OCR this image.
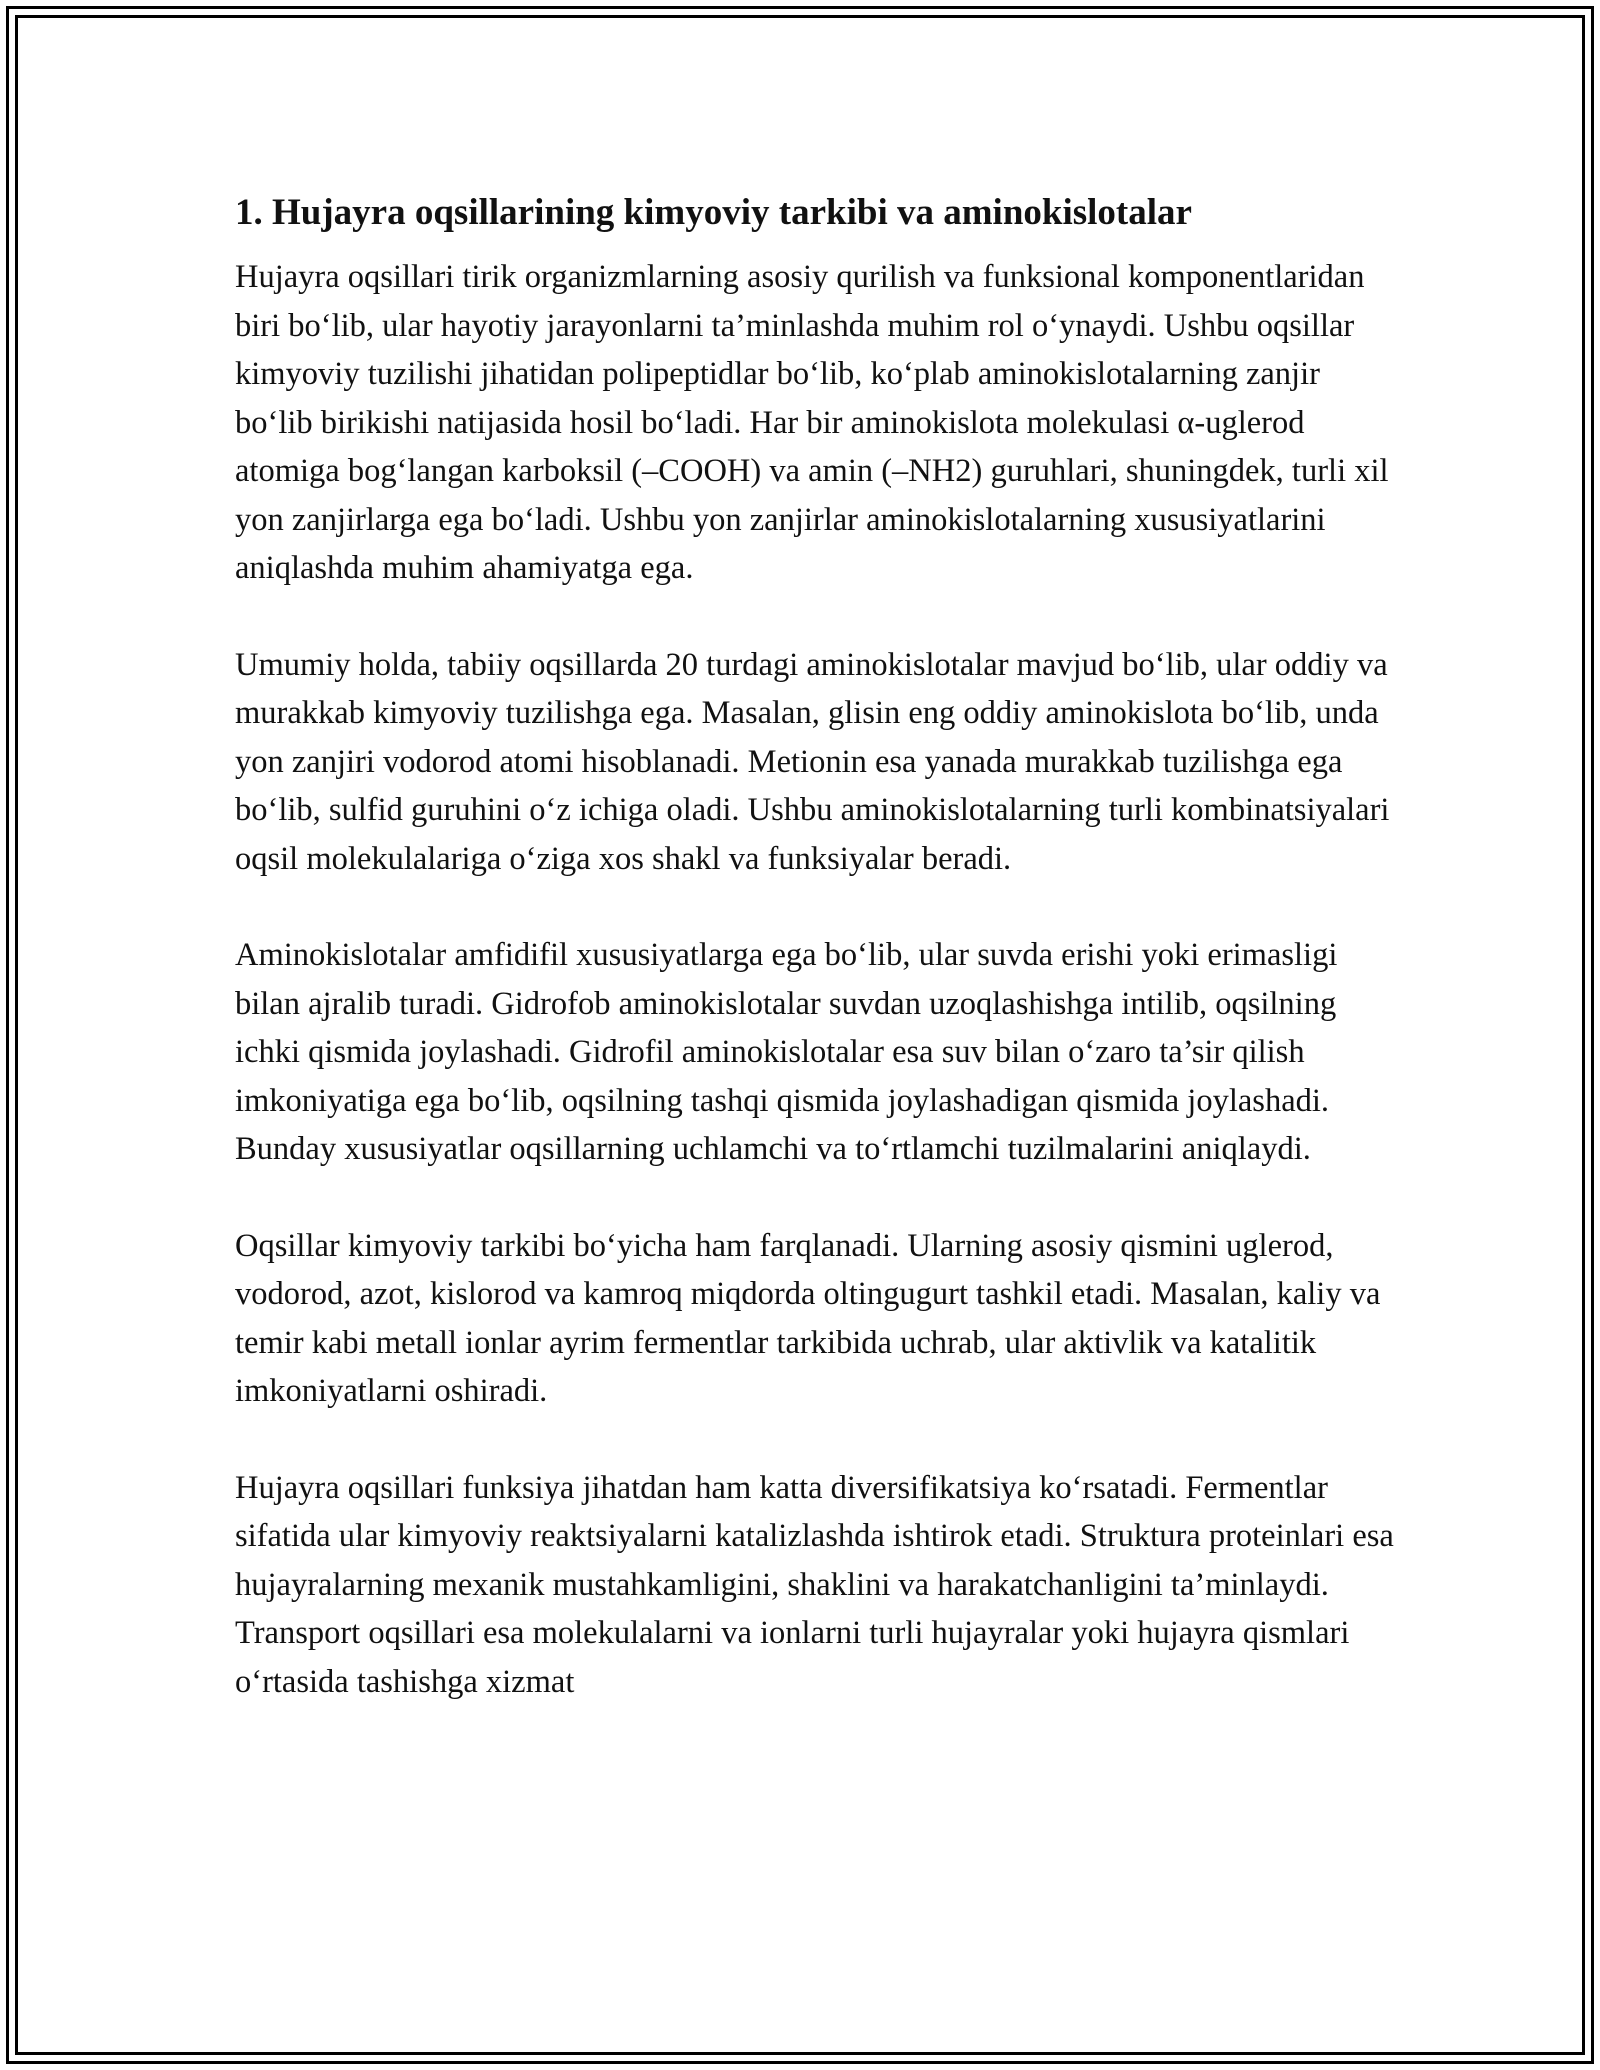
1. Hujayra oqsillarining kimyoviy tarkibi va aminokislotalar

Hujayra oqsillari tirik organizmlarning asosiy qurilish va funksional komponentlaridan biri bo‘lib, ular hayotiy jarayonlarni ta’minlashda muhim rol o‘ynaydi. Ushbu oqsillar kimyoviy tuzilishi jihatidan polipeptidlar bo‘lib, ko‘plab aminokislotalarning zanjir bo‘lib birikishi natijasida hosil bo‘ladi. Har bir aminokislota molekulasi α-uglerod atomiga bog‘langan karboksil (–COOH) va amin (–NH2) guruhlari, shuningdek, turli xil yon zanjirlarga ega bo‘ladi. Ushbu yon zanjirlar aminokislotalarning xususiyatlarini aniqlashda muhim ahamiyatga ega.

Umumiy holda, tabiiy oqsillarda 20 turdagi aminokislotalar mavjud bo‘lib, ular oddiy va murakkab kimyoviy tuzilishga ega. Masalan, glisin eng oddiy aminokislota bo‘lib, unda yon zanjiri vodorod atomi hisoblanadi. Metionin esa yanada murakkab tuzilishga ega bo‘lib, sulfid guruhini o‘z ichiga oladi. Ushbu aminokislotalarning turli kombinatsiyalari oqsil molekulalariga o‘ziga xos shakl va funksiyalar beradi.

Aminokislotalar amfidifil xususiyatlarga ega bo‘lib, ular suvda erishi yoki erimasligi bilan ajralib turadi. Gidrofob aminokislotalar suvdan uzoqlashishga intilib, oqsilning ichki qismida joylashadi. Gidrofil aminokislotalar esa suv bilan o‘zaro ta’sir qilish imkoniyatiga ega bo‘lib, oqsilning tashqi qismida joylashadigan qismida joylashadi. Bunday xususiyatlar oqsillarning uchlamchi va to‘rtlamchi tuzilmalarini aniqlaydi.

Oqsillar kimyoviy tarkibi bo‘yicha ham farqlanadi. Ularning asosiy qismini uglerod, vodorod, azot, kislorod va kamroq miqdorda oltingugurt tashkil etadi. Masalan, kaliy va temir kabi metall ionlar ayrim fermentlar tarkibida uchrab, ular aktivlik va katalitik imkoniyatlarni oshiradi.

Hujayra oqsillari funksiya jihatdan ham katta diversifikatsiya ko‘rsatadi. Fermentlar sifatida ular kimyoviy reaktsiyalarni katalizlashda ishtirok etadi. Struktura proteinlari esa hujayralarning mexanik mustahkamligini, shaklini va harakatchanligini ta’minlaydi. Transport oqsillari esa molekulalarni va ionlarni turli hujayralar yoki hujayra qismlari o‘rtasida tashishga xizmat
